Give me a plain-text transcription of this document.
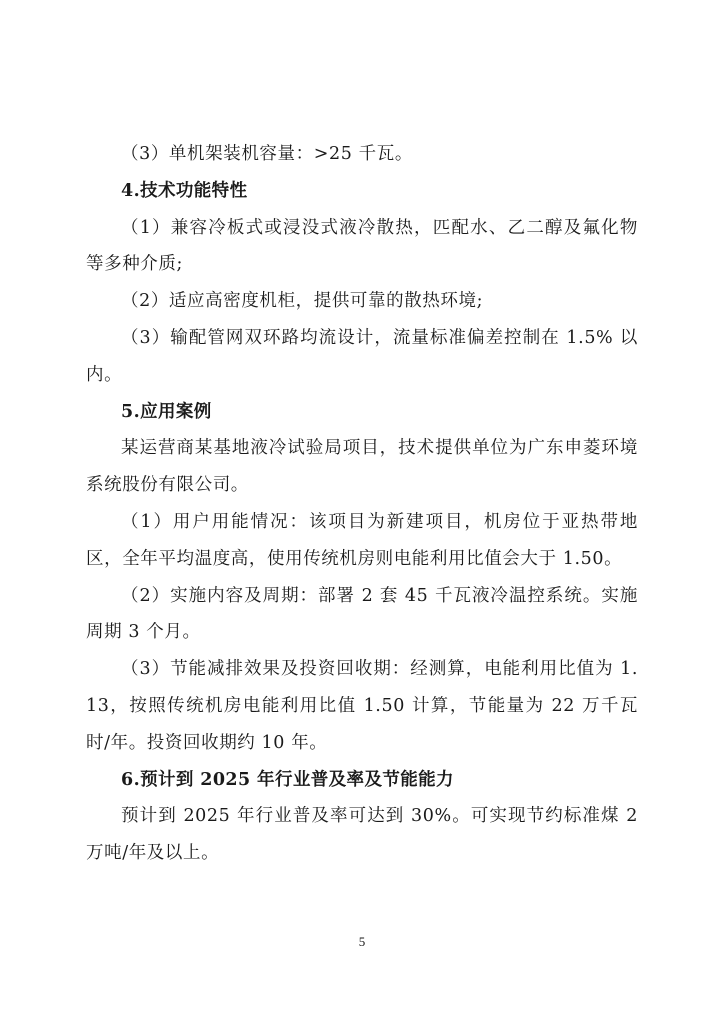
（3）单机架装机容量：>25 千瓦。

4.技术功能特性

（1）兼容冷板式或浸没式液冷散热，匹配水、乙二醇及氟化物等多种介质;

（2）适应高密度机柜，提供可靠的散热环境;

（3）输配管网双环路均流设计，流量标准偏差控制在 1.5% 以内。

5.应用案例

某运营商某基地液冷试验局项目，技术提供单位为广东申菱环境系统股份有限公司。

（1）用户用能情况：该项目为新建项目，机房位于亚热带地区，全年平均温度高，使用传统机房则电能利用比值会大于 1.50。

（2）实施内容及周期：部署 2 套 45 千瓦液冷温控系统。实施周期 3 个月。

（3）节能减排效果及投资回收期：经测算，电能利用比值为 1.13，按照传统机房电能利用比值 1.50 计算，节能量为 22 万千瓦时/年。投资回收期约 10 年。

6.预计到 2025 年行业普及率及节能能力

预计到 2025 年行业普及率可达到 30%。可实现节约标准煤 2 万吨/年及以上。

5
